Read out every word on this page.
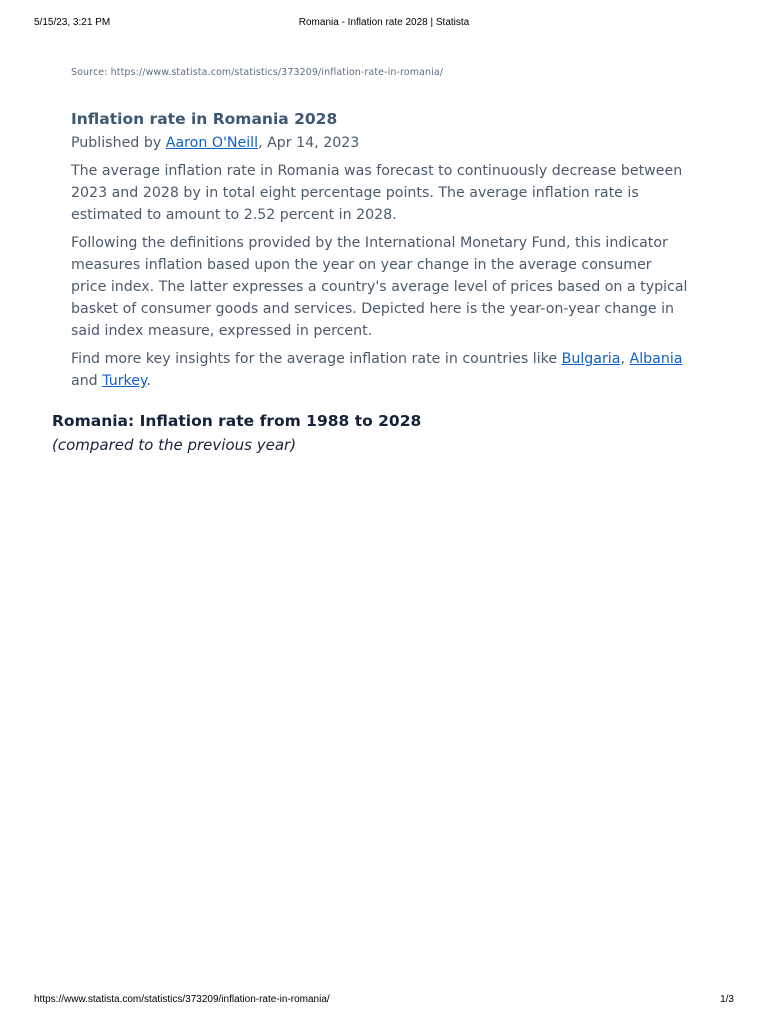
5/15/23, 3:21 PM	Romania - Inflation rate 2028 | Statista
Source: https://www.statista.com/statistics/373209/inflation-rate-in-romania/
Inflation rate in Romania 2028

Published by Aaron O'Neill, Apr 14, 2023

The average inflation rate in Romania was forecast to continuously decrease between 2023 and 2028 by in total eight percentage points. The average inflation rate is estimated to amount to 2.52 percent in 2028.

Following the definitions provided by the International Monetary Fund, this indicator measures inflation based upon the year on year change in the average consumer price index. The latter expresses a country's average level of prices based on a typical basket of consumer goods and services. Depicted here is the year-on-year change in said index measure, expressed in percent.

Find more key insights for the average inflation rate in countries like Bulgaria, Albania and Turkey.

Romania: Inflation rate from 1988 to 2028

(compared to the previous year)

https://www.statista.com/statistics/373209/inflation-rate-in-romania/	1/3
